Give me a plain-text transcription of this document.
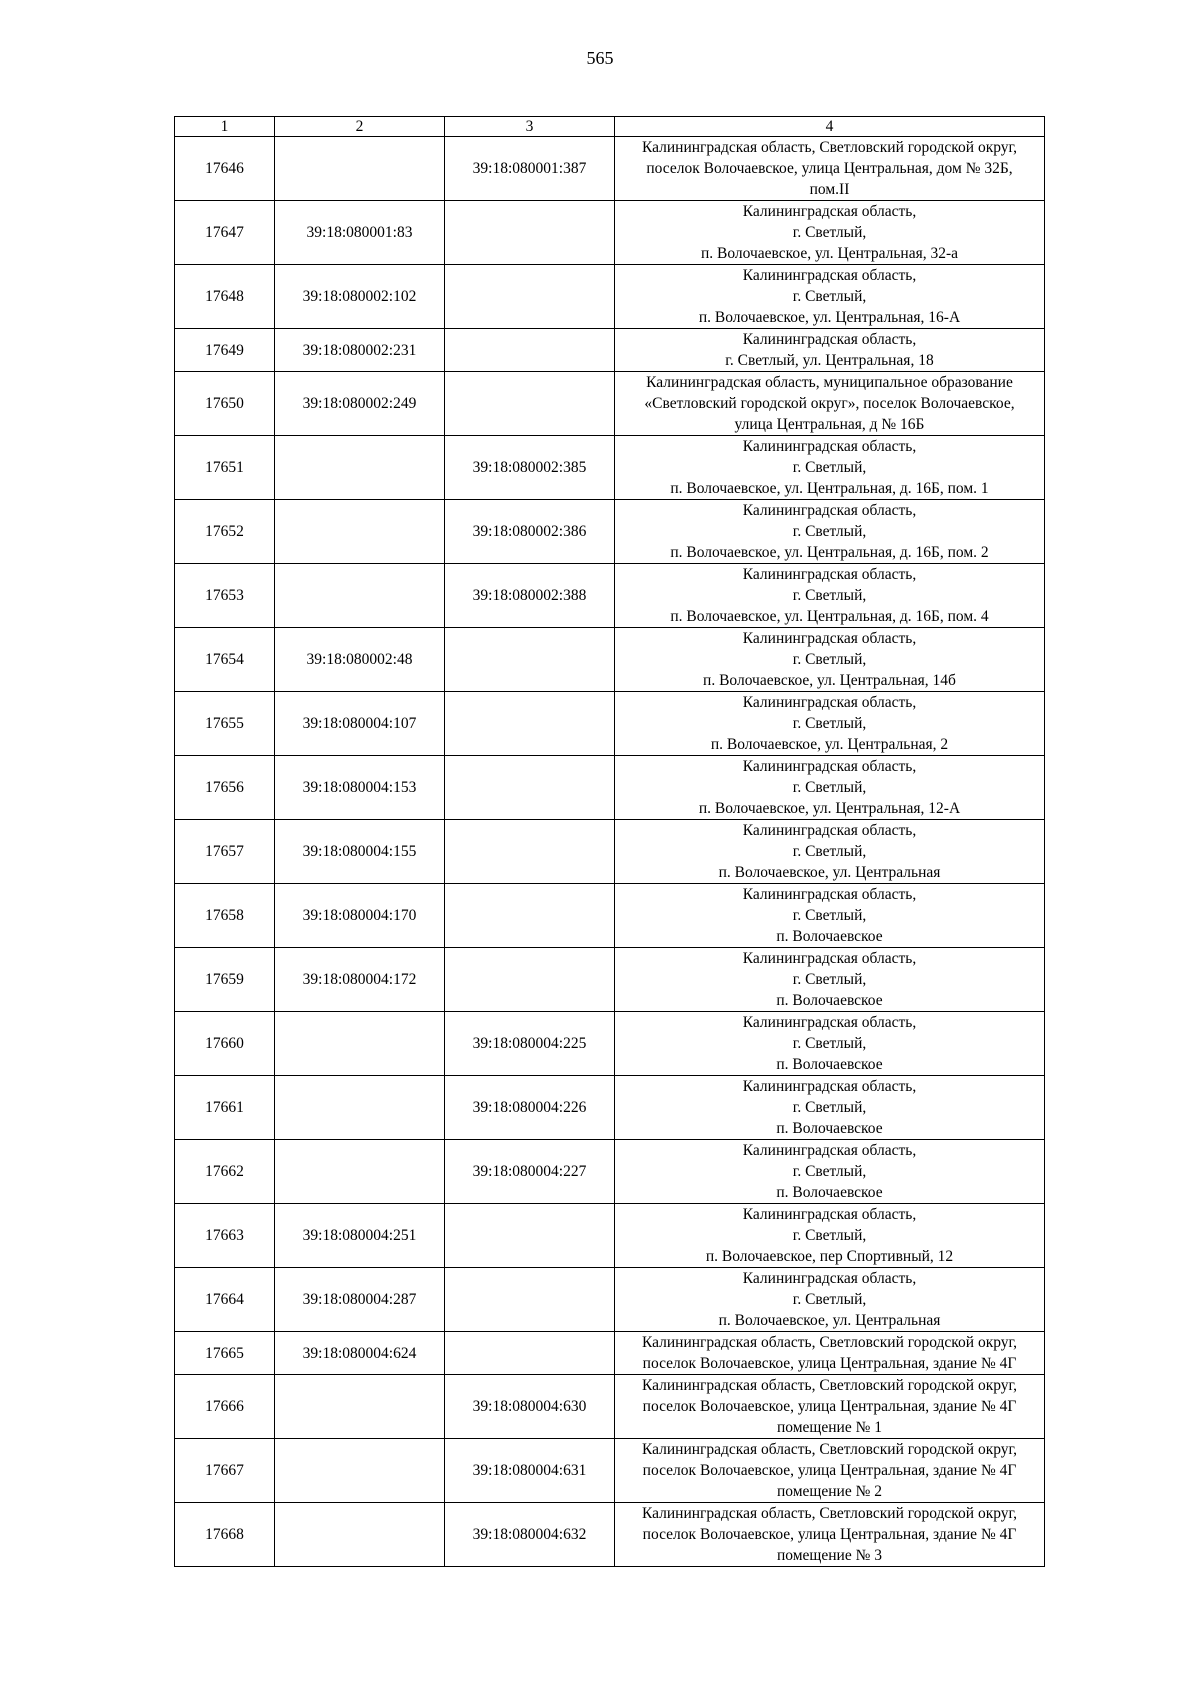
565
1	2	3	4
17646		39:18:080001:387	Калининградская область, Светловский городской округ,
поселок Волочаевское, улица Центральная, дом № 32Б,
пом.II

17647	39:18:080001:83		Калининградская область,
г. Светлый,
п. Волочаевское, ул. Центральная, 32-а

17648	39:18:080002:102		Калининградская область,
г. Светлый,
п. Волочаевское, ул. Центральная, 16-А

17649	39:18:080002:231		Калининградская область,
г. Светлый, ул. Центральная, 18

17650	39:18:080002:249		Калининградская область, муниципальное образование
«Светловский городской округ», поселок Волочаевское,
улица Центральная, д № 16Б

17651		39:18:080002:385	Калининградская область,
г. Светлый,
п. Волочаевское, ул. Центральная, д. 16Б, пом. 1

17652		39:18:080002:386	Калининградская область,
г. Светлый,
п. Волочаевское, ул. Центральная, д. 16Б, пом. 2

17653		39:18:080002:388	Калининградская область,
г. Светлый,
п. Волочаевское, ул. Центральная, д. 16Б, пом. 4

17654	39:18:080002:48		Калининградская область,
г. Светлый,
п. Волочаевское, ул. Центральная, 14б

17655	39:18:080004:107		Калининградская область,
г. Светлый,
п. Волочаевское, ул. Центральная, 2

17656	39:18:080004:153		Калининградская область,
г. Светлый,
п. Волочаевское, ул. Центральная, 12-А

17657	39:18:080004:155		Калининградская область,
г. Светлый,
п. Волочаевское, ул. Центральная

17658	39:18:080004:170		Калининградская область,
г. Светлый,
п. Волочаевское

17659	39:18:080004:172		Калининградская область,
г. Светлый,
п. Волочаевское

17660		39:18:080004:225	Калининградская область,
г. Светлый,
п. Волочаевское

17661		39:18:080004:226	Калининградская область,
г. Светлый,
п. Волочаевское

17662		39:18:080004:227	Калининградская область,
г. Светлый,
п. Волочаевское

17663	39:18:080004:251		Калининградская область,
г. Светлый,
п. Волочаевское, пер Спортивный, 12

17664	39:18:080004:287		Калининградская область,
г. Светлый,
п. Волочаевское, ул. Центральная

17665	39:18:080004:624		Калининградская область, Светловский городской округ,
поселок Волочаевское, улица Центральная, здание № 4Г

17666		39:18:080004:630	Калининградская область, Светловский городской округ,
поселок Волочаевское, улица Центральная, здание № 4Г
помещение № 1

17667		39:18:080004:631	Калининградская область, Светловский городской округ,
поселок Волочаевское, улица Центральная, здание № 4Г
помещение № 2

17668		39:18:080004:632	Калининградская область, Светловский городской округ,
поселок Волочаевское, улица Центральная, здание № 4Г
помещение № 3
